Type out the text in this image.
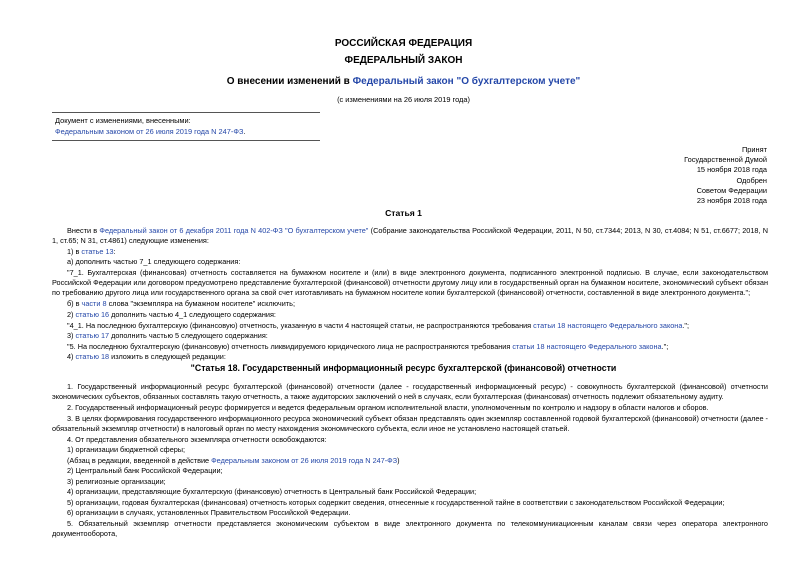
РОССИЙСКАЯ ФЕДЕРАЦИЯ
ФЕДЕРАЛЬНЫЙ ЗАКОН
О внесении изменений в Федеральный закон "О бухгалтерском учете"
(с изменениями на 26 июля 2019 года)
Документ с изменениями, внесенными:
Федеральным законом от 26 июля 2019 года N 247-ФЗ.
Принят
Государственной Думой
15 ноября 2018 года
Одобрен
Советом Федерации
23 ноября 2018 года
Статья 1
Внести в Федеральный закон от 6 декабря 2011 года N 402-ФЗ "О бухгалтерском учете" (Собрание законодательства Российской Федерации, 2011, N 50, ст.7344; 2013, N 30, ст.4084; N 51, ст.6677; 2018, N 1, ст.65; N 31, ст.4861) следующие изменения:
1) в статье 13:
а) дополнить частью 7_1 следующего содержания:
"7_1. Бухгалтерская (финансовая) отчетность составляется на бумажном носителе и (или) в виде электронного документа, подписанного электронной подписью. В случае, если законодательством Российской Федерации или договором предусмотрено представление бухгалтерской (финансовой) отчетности другому лицу или в государственный орган на бумажном носителе, экономический субъект обязан по требованию другого лица или государственного органа за свой счет изготавливать на бумажном носителе копии бухгалтерской (финансовой) отчетности, составленной в виде электронного документа.";
б) в части 8 слова "экземпляра на бумажном носителе" исключить;
2) статью 16 дополнить частью 4_1 следующего содержания:
"4_1. На последнюю бухгалтерскую (финансовую) отчетность, указанную в части 4 настоящей статьи, не распространяются требования статьи 18 настоящего Федерального закона.";
3) статью 17 дополнить частью 5 следующего содержания:
"5. На последнюю бухгалтерскую (финансовую) отчетность ликвидируемого юридического лица не распространяются требования статьи 18 настоящего Федерального закона.";
4) статью 18 изложить в следующей редакции:
"Статья 18. Государственный информационный ресурс бухгалтерской (финансовой) отчетности
1. Государственный информационный ресурс бухгалтерской (финансовой) отчетности (далее - государственный информационный ресурс) - совокупность бухгалтерской (финансовой) отчетности экономических субъектов, обязанных составлять такую отчетность, а также аудиторских заключений о ней в случаях, если бухгалтерская (финансовая) отчетность подлежит обязательному аудиту.
2. Государственный информационный ресурс формируется и ведется федеральным органом исполнительной власти, уполномоченным по контролю и надзору в области налогов и сборов.
3. В целях формирования государственного информационного ресурса экономический субъект обязан представлять один экземпляр составленной годовой бухгалтерской (финансовой) отчетности (далее - обязательный экземпляр отчетности) в налоговый орган по месту нахождения экономического субъекта, если иное не установлено настоящей статьей.
4. От представления обязательного экземпляра отчетности освобождаются:
1) организации бюджетной сферы;
(Абзац в редакции, введенной в действие Федеральным законом от 26 июля 2019 года N 247-ФЗ)
2) Центральный банк Российской Федерации;
3) религиозные организации;
4) организации, представляющие бухгалтерскую (финансовую) отчетность в Центральный банк Российской Федерации;
5) организации, годовая бухгалтерская (финансовая) отчетность которых содержит сведения, отнесенные к государственной тайне в соответствии с законодательством Российской Федерации;
6) организации в случаях, установленных Правительством Российской Федерации.
5. Обязательный экземпляр отчетности представляется экономическим субъектом в виде электронного документа по телекоммуникационным каналам связи через оператора электронного документооборота,
